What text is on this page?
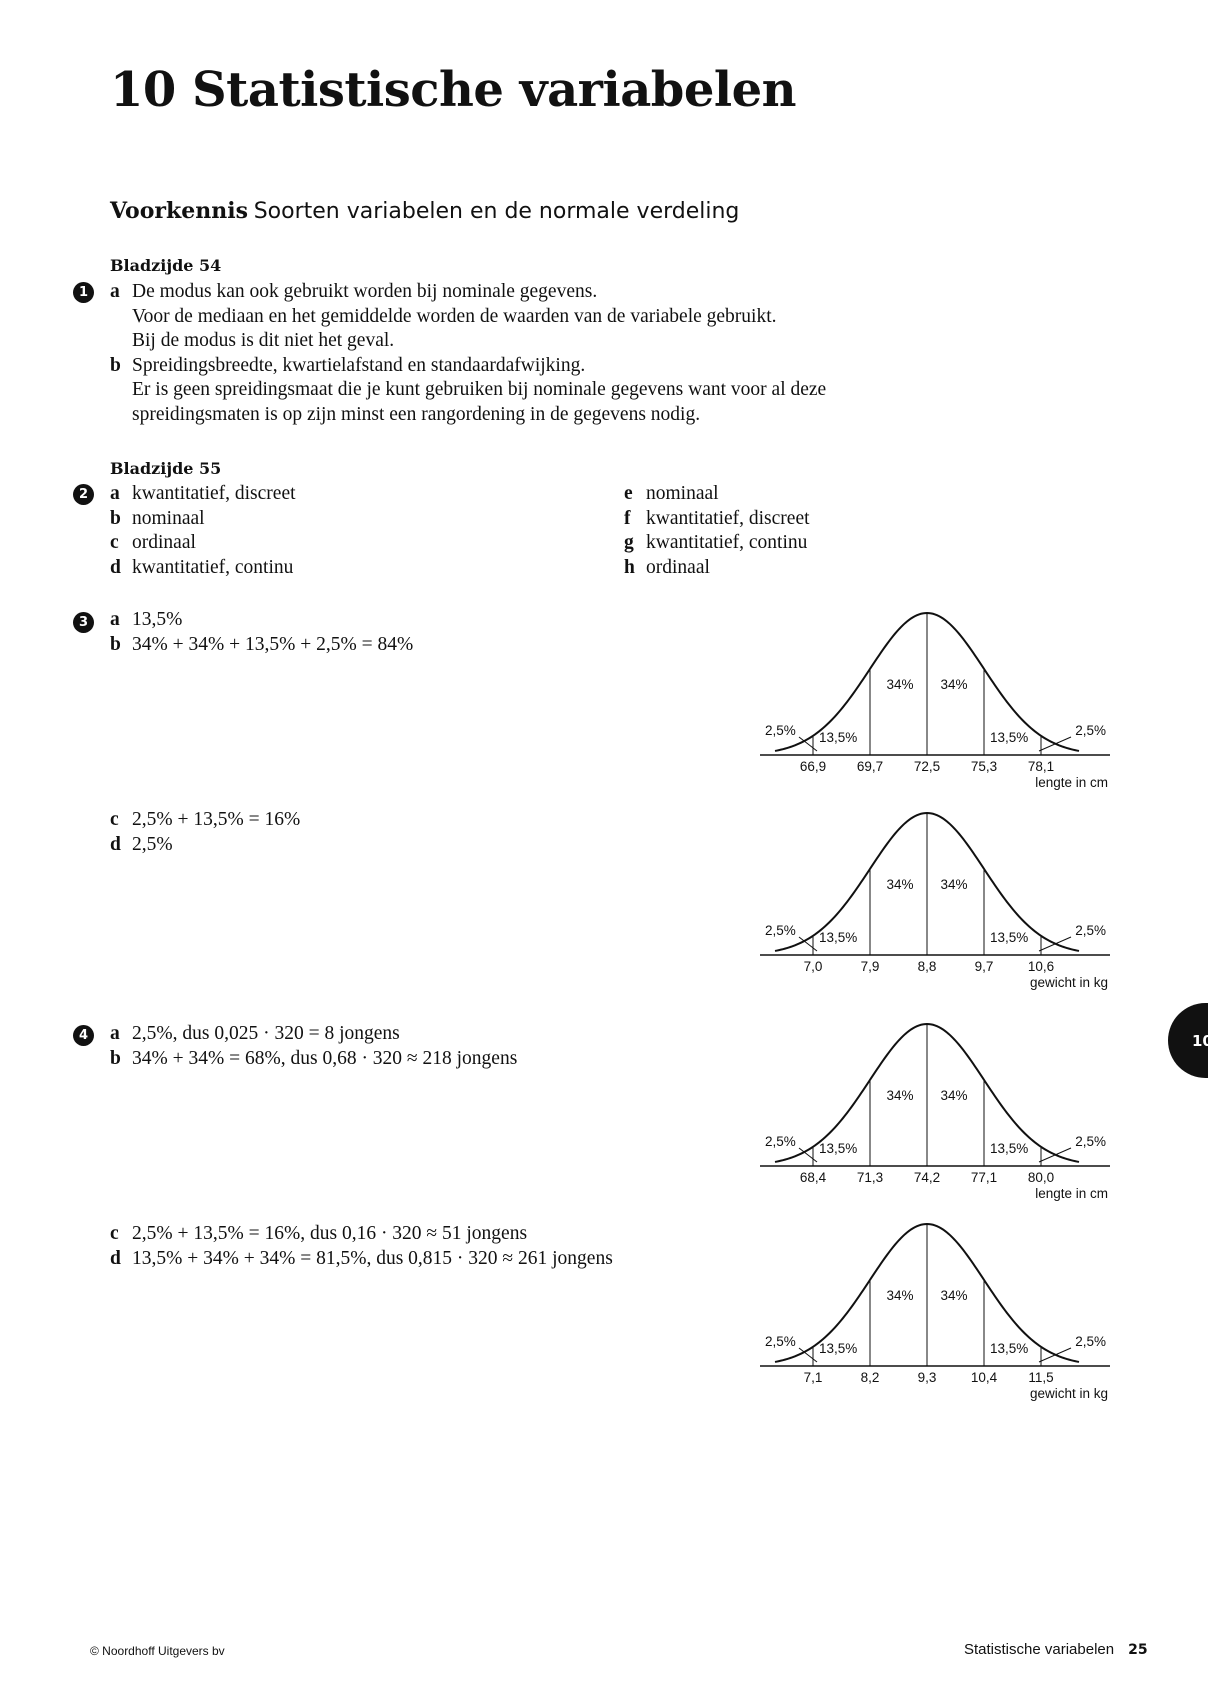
10 Statistische variabelen
Voorkennis Soorten variabelen en de normale verdeling
Bladzijde 54
1	a De modus kan ook gebruikt worden bij nominale gegevens.
Voor de mediaan en het gemiddelde worden de waarden van de variabele gebruikt.
Bij de modus is dit niet het geval.
b Spreidingsbreedte, kwartielafstand en standaardafwijking.
Er is geen spreidingsmaat die je kunt gebruiken bij nominale gegevens want voor al deze
spreidingsmaten is op zijn minst een rangordening in de gegevens nodig.
Bladzijde 55
2	a kwantitatief, discreet
b nominaal
c ordinaal
d kwantitatief, continu
e nominaal
f kwantitatief, discreet
g kwantitatief, continu
h ordinaal
3	a 13,5%
b 34% + 34% + 13,5% + 2,5% = 84%
c 2,5% + 13,5% = 16%
d 2,5%
4	a 2,5%, dus 0,025 · 320 = 8 jongens
b 34% + 34% = 68%, dus 0,68 · 320 ≈ 218 jongens
c 2,5% + 13,5% = 16%, dus 0,16 · 320 ≈ 51 jongens
d 13,5% + 34% + 34% = 81,5%, dus 0,815 · 320 ≈ 261 jongens
66,9 69,7 72,5 75,3 78,1
2,5% 13,5%
34% 34%
13,5%	2,5%
lengte in cm
7,0	7,9	8,8	9,7	10,6
2,5% 13,5%
34% 34%
13,5%	2,5%
gewicht in kg
68,4 71,3 74,2 77,1 80,0
2,5% 13,5%
34% 34%
13,5%	2,5%
lengte in cm
7,1	8,2	9,3	10,4 11,5
2,5% 13,5%
34% 34%
13,5%	2,5%
gewicht in kg
10
© Noordhoff Uitgevers bv	Statistische variabelen 25
